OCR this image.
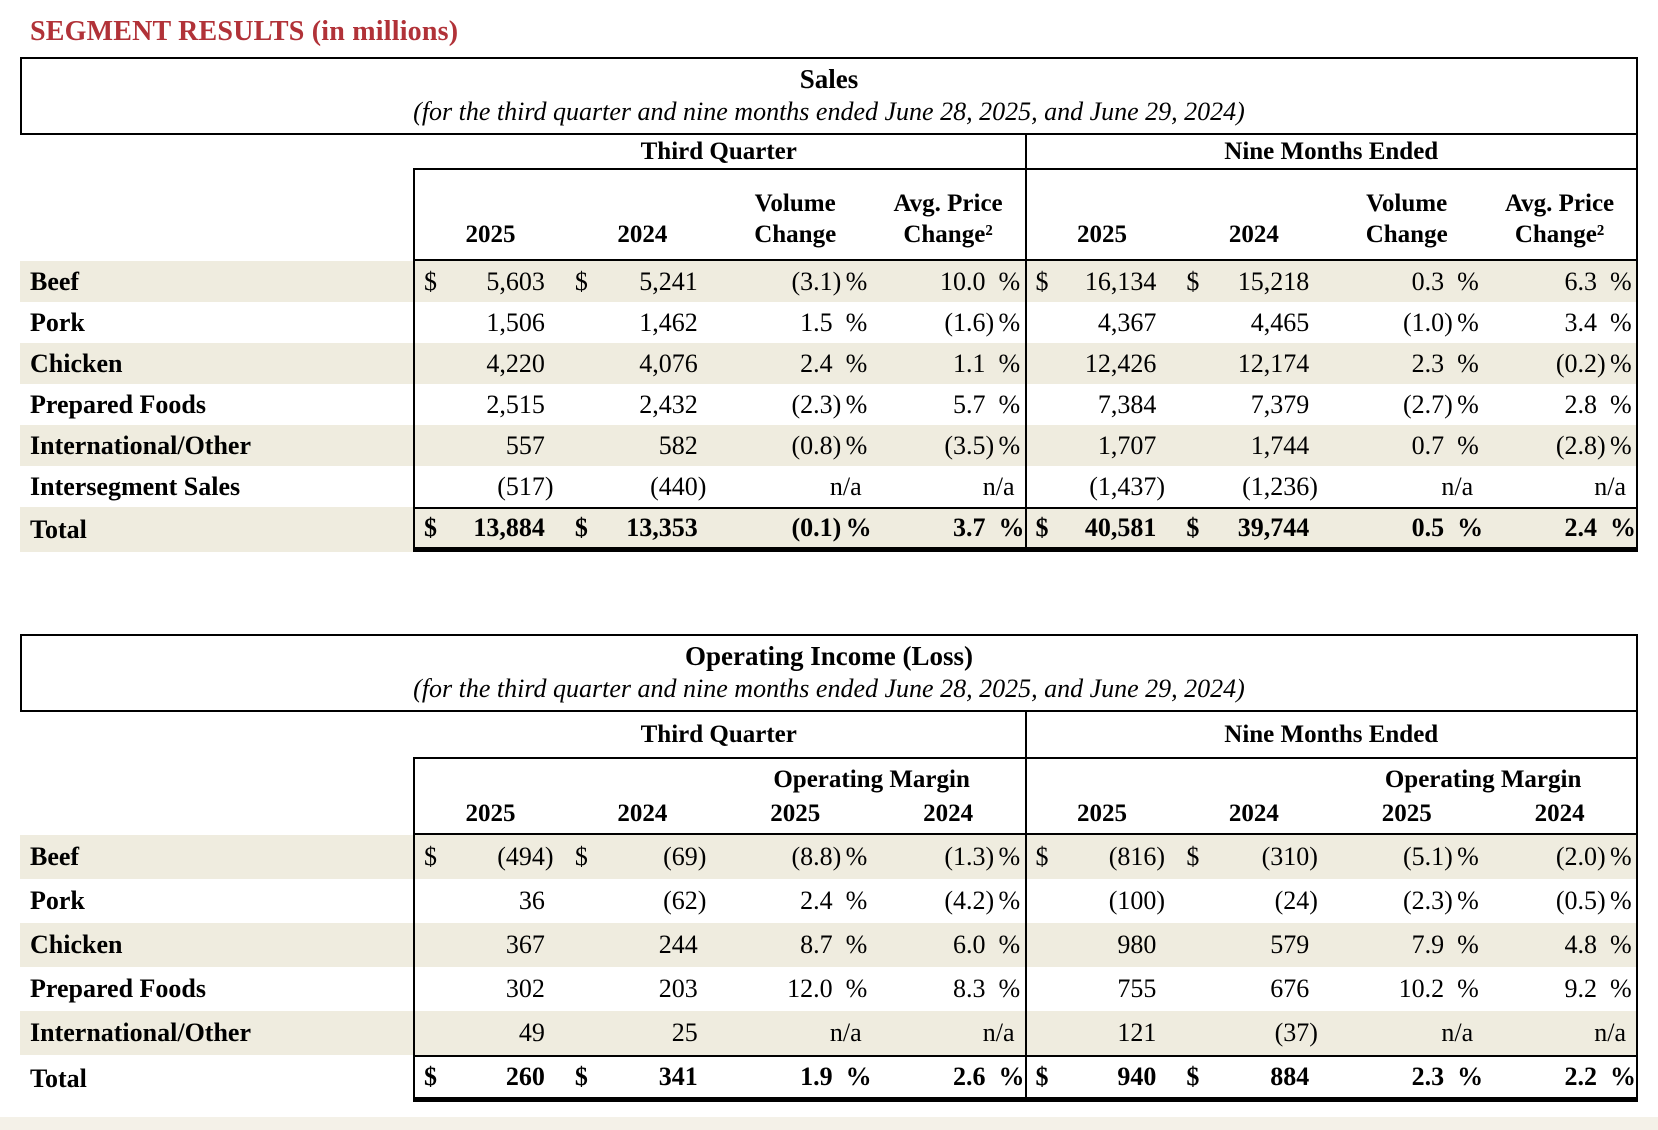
SEGMENT RESULTS (in millions)
Sales
(for the third quarter and nine months ended June 28, 2025, and June 29, 2024)
Third Quarter	Nine Months Ended
2025	2024
Volume
Change
Avg. Price
Change²	2025	2024
Volume
Change
Avg. Price
Change²
Beef	$	5,603 $	5,241	(3.1 ) %	10.0 % $	16,134 $	15,218	0.3 %	6.3 %
Pork	1,506	1,462	1.5 %	(1.6 ) %	4,367	4,465	(1.0 ) %	3.4 %
Chicken	4,220	4,076	2.4 %	1.1 %	12,426	12,174	2.3 %	(0.2 ) %
Prepared Foods	2,515	2,432	(2.3 ) %	5.7 %	7,384	7,379	(2.7 ) %	2.8 %
International/Other	557	582	(0.8 ) %	(3.5 ) %	1,707	1,744	0.7 %	(2.8 ) %
Intersegment Sales	(517 )	(440 )	n/a	n/a	(1,437 )	(1,236 )	n/a	n/a
Total	$	13,884 $	13,353	(0.1 ) %	3.7 % $	40,581 $	39,744	0.5 %	2.4 %
Operating Income (Loss)
(for the third quarter and nine months ended June 28, 2025, and June 29, 2024)
Third Quarter	Nine Months Ended
Operating Margin	Operating Margin
2025	2024	2025	2024	2025	2024	2025	2024
Beef	$	(494 ) $	(69 )	(8.8 ) %	(1.3 ) % $	(816 ) $	(310 )	(5.1 ) %	(2.0 ) %
Pork	36	(62 )	2.4 %	(4.2 ) %	(100 )	(24 )	(2.3 ) %	(0.5 ) %
Chicken	367	244	8.7 %	6.0 %	980	579	7.9 %	4.8 %
Prepared Foods	302	203	12.0 %	8.3 %	755	676	10.2 %	9.2 %
International/Other	49	25	n/a	n/a	121	(37 )	n/a	n/a
Total	$	260 $	341	1.9 %	2.6 % $	940 $	884	2.3 %	2.2 %
